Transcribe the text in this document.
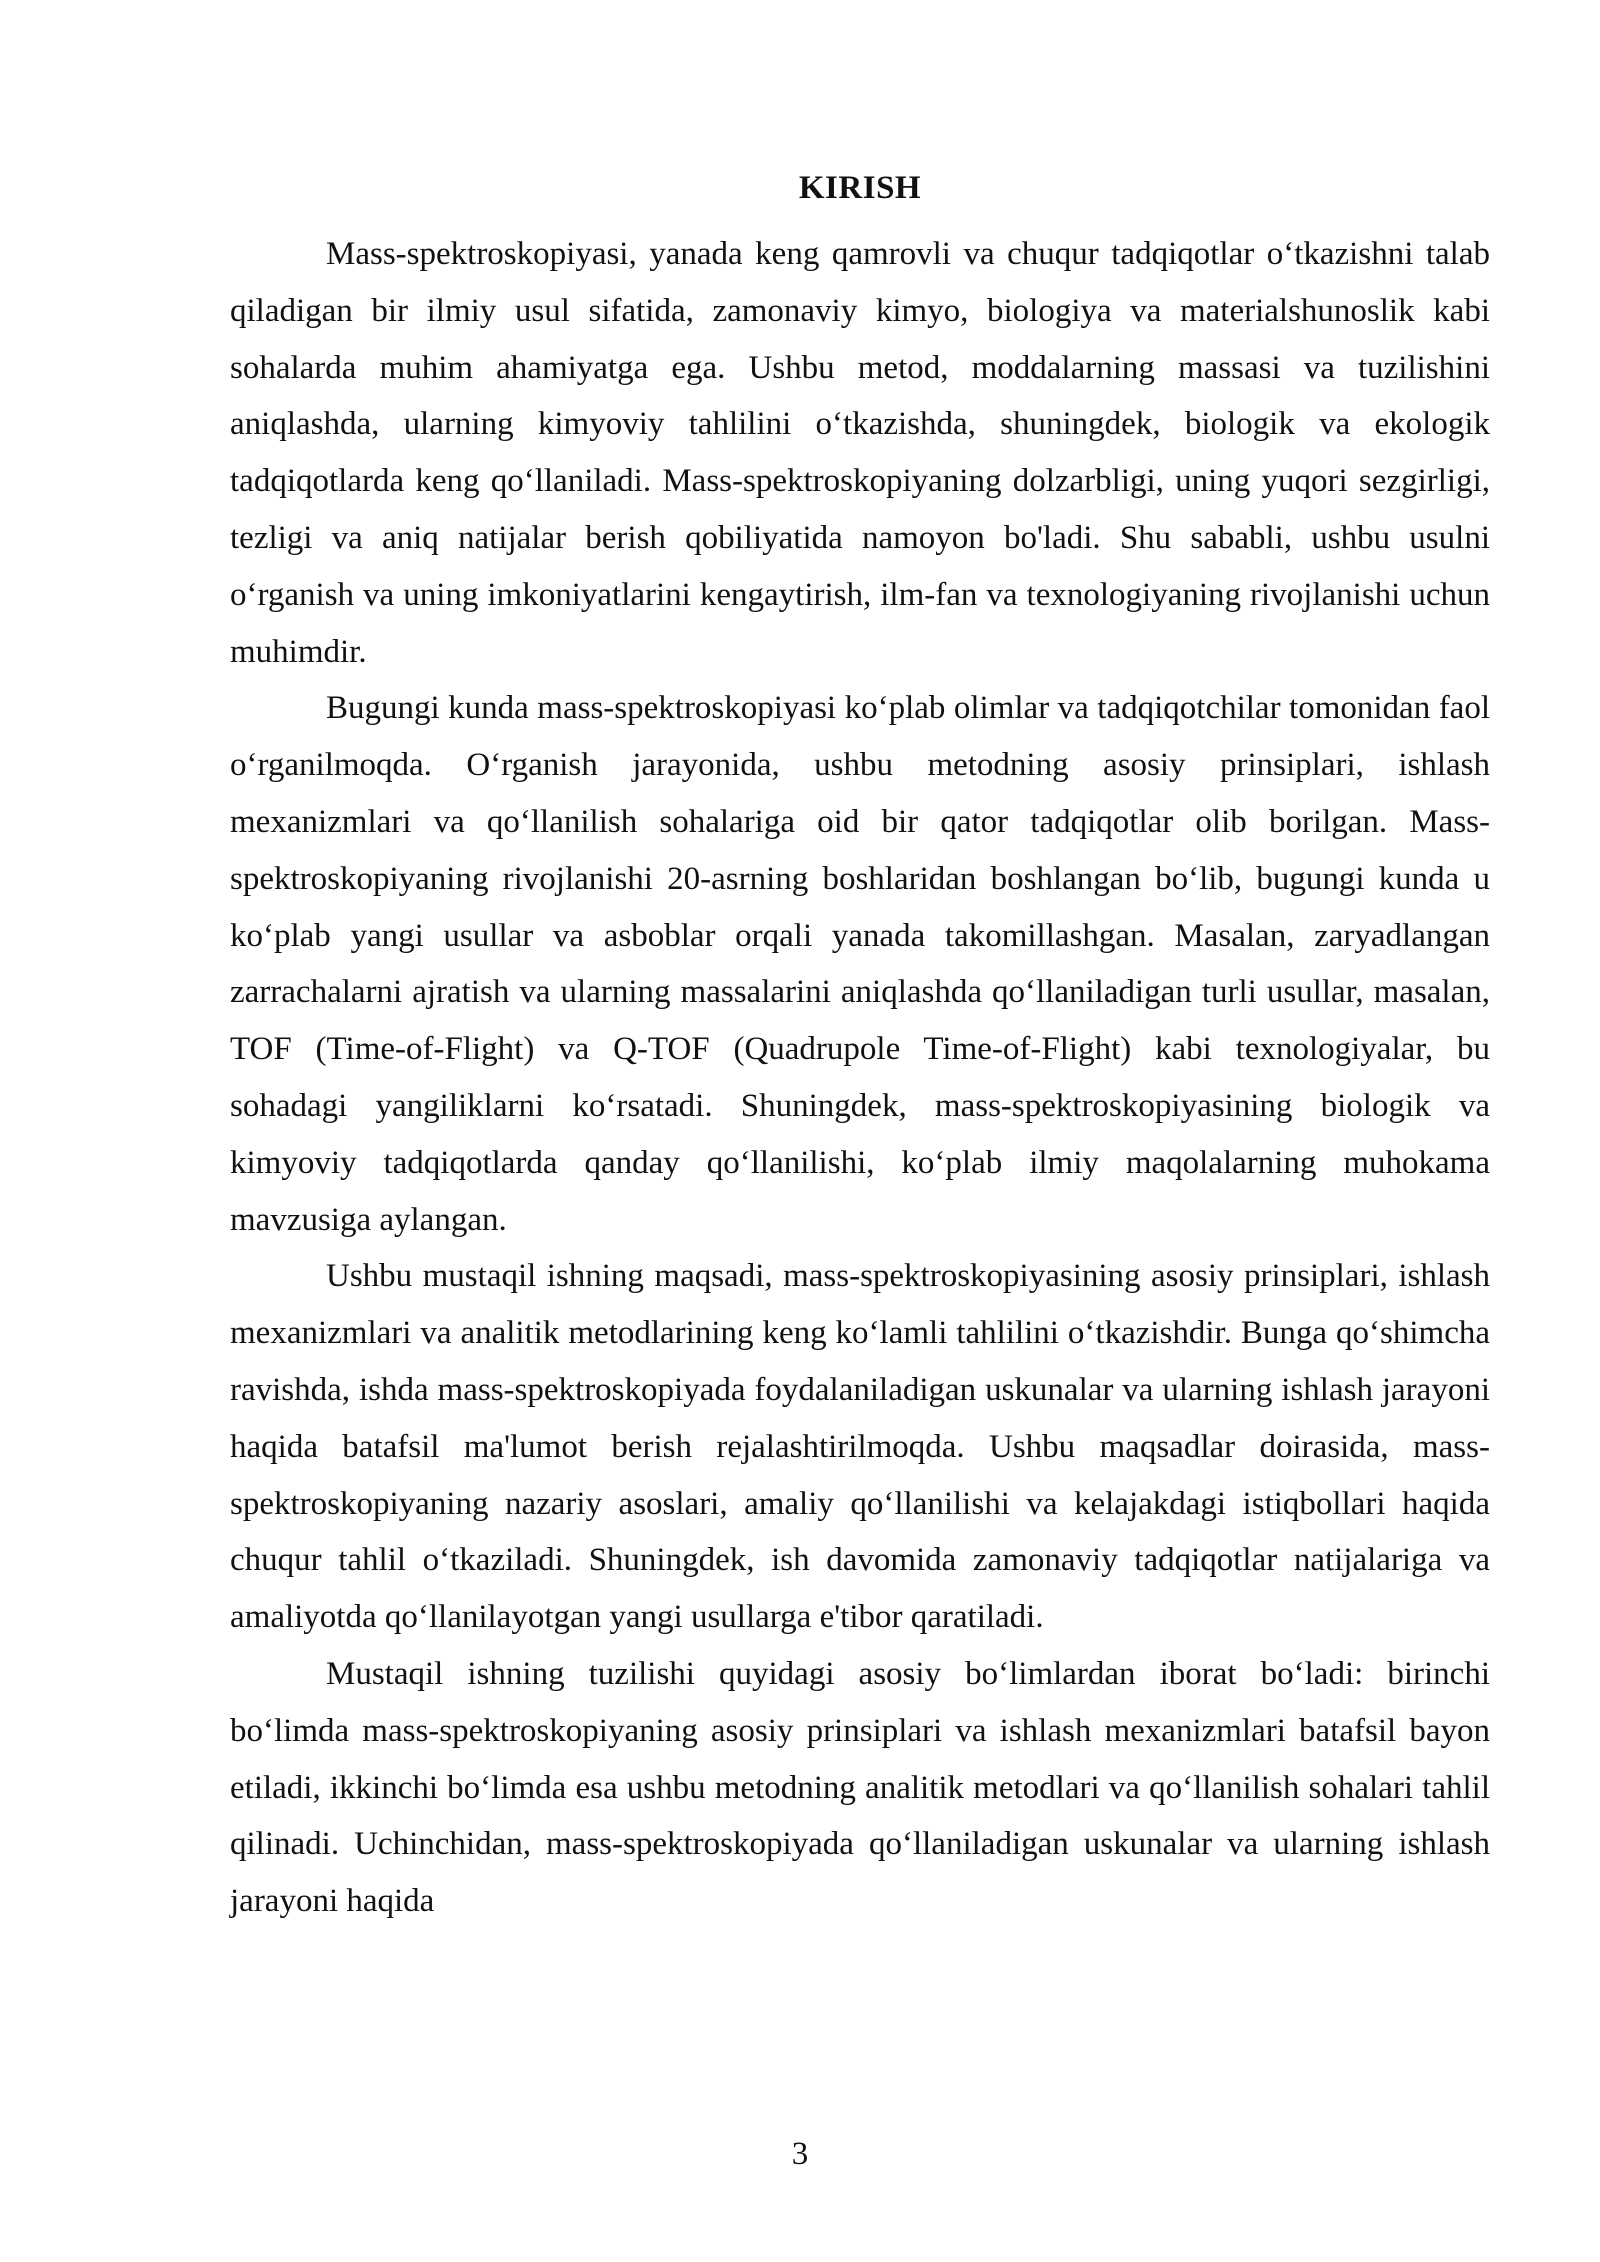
KIRISH

Mass-spektroskopiyasi, yanada keng qamrovli va chuqur tadqiqotlar o‘tkazishni talab qiladigan bir ilmiy usul sifatida, zamonaviy kimyo, biologiya va materialshunoslik kabi sohalarda muhim ahamiyatga ega. Ushbu metod, moddalarning massasi va tuzilishini aniqlashda, ularning kimyoviy tahlilini o‘tkazishda, shuningdek, biologik va ekologik tadqiqotlarda keng qo‘llaniladi. Mass-spektroskopiyaning dolzarbligi, uning yuqori sezgirligi, tezligi va aniq natijalar berish qobiliyatida namoyon bo'ladi. Shu sababli, ushbu usulni o‘rganish va uning imkoniyatlarini kengaytirish, ilm-fan va texnologiyaning rivojlanishi uchun muhimdir.

Bugungi kunda mass-spektroskopiyasi ko‘plab olimlar va tadqiqotchilar tomonidan faol o‘rganilmoqda. O‘rganish jarayonida, ushbu metodning asosiy prinsiplari, ishlash mexanizmlari va qo‘llanilish sohalariga oid bir qator tadqiqotlar olib borilgan. Mass-spektroskopiyaning rivojlanishi 20-asrning boshlaridan boshlangan bo‘lib, bugungi kunda u ko‘plab yangi usullar va asboblar orqali yanada takomillashgan. Masalan, zaryadlangan zarrachalarni ajratish va ularning massalarini aniqlashda qo‘llaniladigan turli usullar, masalan, TOF (Time-of-Flight) va Q-TOF (Quadrupole Time-of-Flight) kabi texnologiyalar, bu sohadagi yangiliklarni ko‘rsatadi. Shuningdek, mass-spektroskopiyasining biologik va kimyoviy tadqiqotlarda qanday qo‘llanilishi, ko‘plab ilmiy maqolalarning muhokama mavzusiga aylangan.

Ushbu mustaqil ishning maqsadi, mass-spektroskopiyasining asosiy prinsiplari, ishlash mexanizmlari va analitik metodlarining keng ko‘lamli tahlilini o‘tkazishdir. Bunga qo‘shimcha ravishda, ishda mass-spektroskopiyada foydalaniladigan uskunalar va ularning ishlash jarayoni haqida batafsil ma'lumot berish rejalashtirilmoqda. Ushbu maqsadlar doirasida, mass-spektroskopiyaning nazariy asoslari, amaliy qo‘llanilishi va kelajakdagi istiqbollari haqida chuqur tahlil o‘tkaziladi. Shuningdek, ish davomida zamonaviy tadqiqotlar natijalariga va amaliyotda qo‘llanilayotgan yangi usullarga e'tibor qaratiladi.

Mustaqil ishning tuzilishi quyidagi asosiy bo‘limlardan iborat bo‘ladi: birinchi bo‘limda mass-spektroskopiyaning asosiy prinsiplari va ishlash mexanizmlari batafsil bayon etiladi, ikkinchi bo‘limda esa ushbu metodning analitik metodlari va qo‘llanilish sohalari tahlil qilinadi. Uchinchidan, mass-spektroskopiyada qo‘llaniladigan uskunalar va ularning ishlash jarayoni haqida

3
